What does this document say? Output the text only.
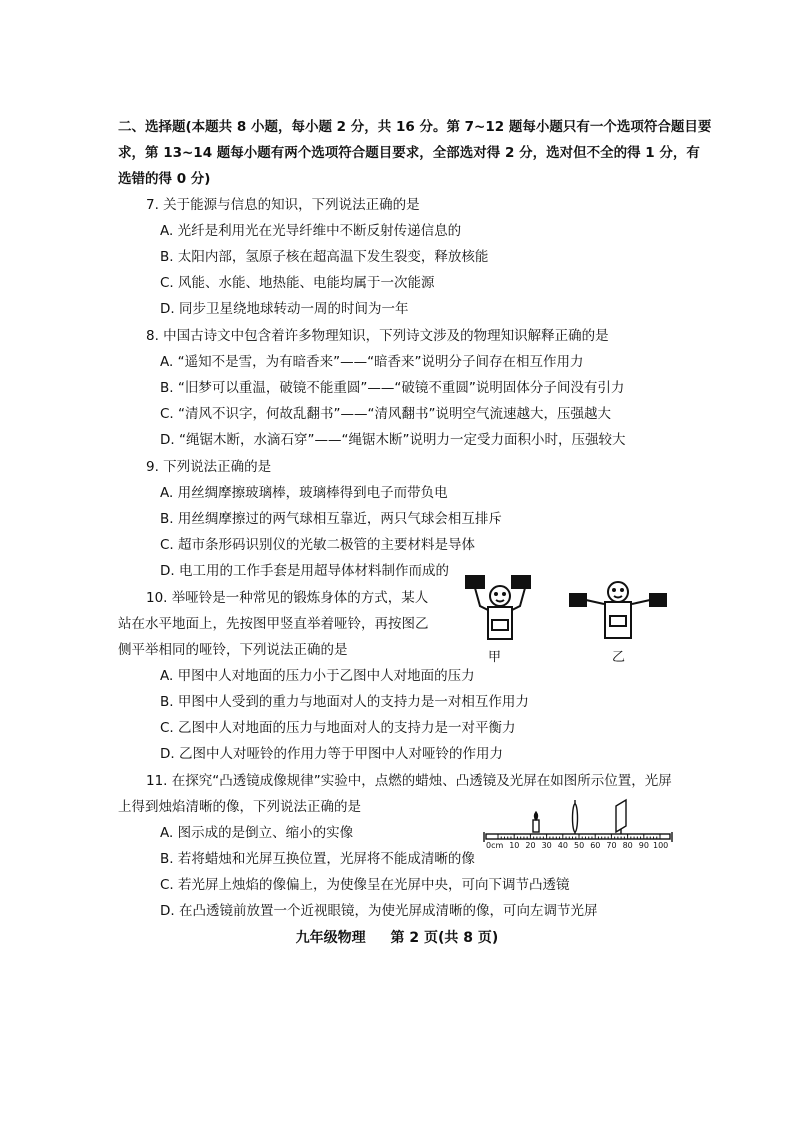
二、选择题(本题共 8 小题，每小题 2 分，共 16 分。第 7~12 题每小题只有一个选项符合题目要
求，第 13~14 题每小题有两个选项符合题目要求，全部选对得 2 分，选对但不全的得 1 分，有
选错的得 0 分)
7. 关于能源与信息的知识，下列说法正确的是
A. 光纤是利用光在光导纤维中不断反射传递信息的
B. 太阳内部，氢原子核在超高温下发生裂变，释放核能
C. 风能、水能、地热能、电能均属于一次能源
D. 同步卫星绕地球转动一周的时间为一年
8. 中国古诗文中包含着许多物理知识，下列诗文涉及的物理知识解释正确的是
A. “遥知不是雪，为有暗香来”——“暗香来”说明分子间存在相互作用力
B. “旧梦可以重温，破镜不能重圆”——“破镜不重圆”说明固体分子间没有引力
C. “清风不识字，何故乱翻书”——“清风翻书”说明空气流速越大，压强越大
D. “绳锯木断，水滴石穿”——“绳锯木断”说明力一定受力面积小时，压强较大
9. 下列说法正确的是
A. 用丝绸摩擦玻璃棒，玻璃棒得到电子而带负电
B. 用丝绸摩擦过的两气球相互靠近，两只气球会相互排斥
C. 超市条形码识别仪的光敏二极管的主要材料是导体
D. 电工用的工作手套是用超导体材料制作而成的
10. 举哑铃是一种常见的锻炼身体的方式，某人
站在水平地面上，先按图甲竖直举着哑铃，再按图乙
侧平举相同的哑铃，下列说法正确的是
A. 甲图中人对地面的压力小于乙图中人对地面的压力
B. 甲图中人受到的重力与地面对人的支持力是一对相互作用力
C. 乙图中人对地面的压力与地面对人的支持力是一对平衡力
D. 乙图中人对哑铃的作用力等于甲图中人对哑铃的作用力
甲	乙
11. 在探究“凸透镜成像规律”实验中，点燃的蜡烛、凸透镜及光屏在如图所示位置，光屏
上得到烛焰清晰的像，下列说法正确的是
A. 图示成的是倒立、缩小的实像
B. 若将蜡烛和光屏互换位置，光屏将不能成清晰的像
C. 若光屏上烛焰的像偏上，为使像呈在光屏中央，可向下调节凸透镜
D. 在凸透镜前放置一个近视眼镜，为使光屏成清晰的像，可向左调节光屏
0cm 10 20 30 40 50 60 70 80 90 100
九年级物理 第 2 页(共 8 页)
